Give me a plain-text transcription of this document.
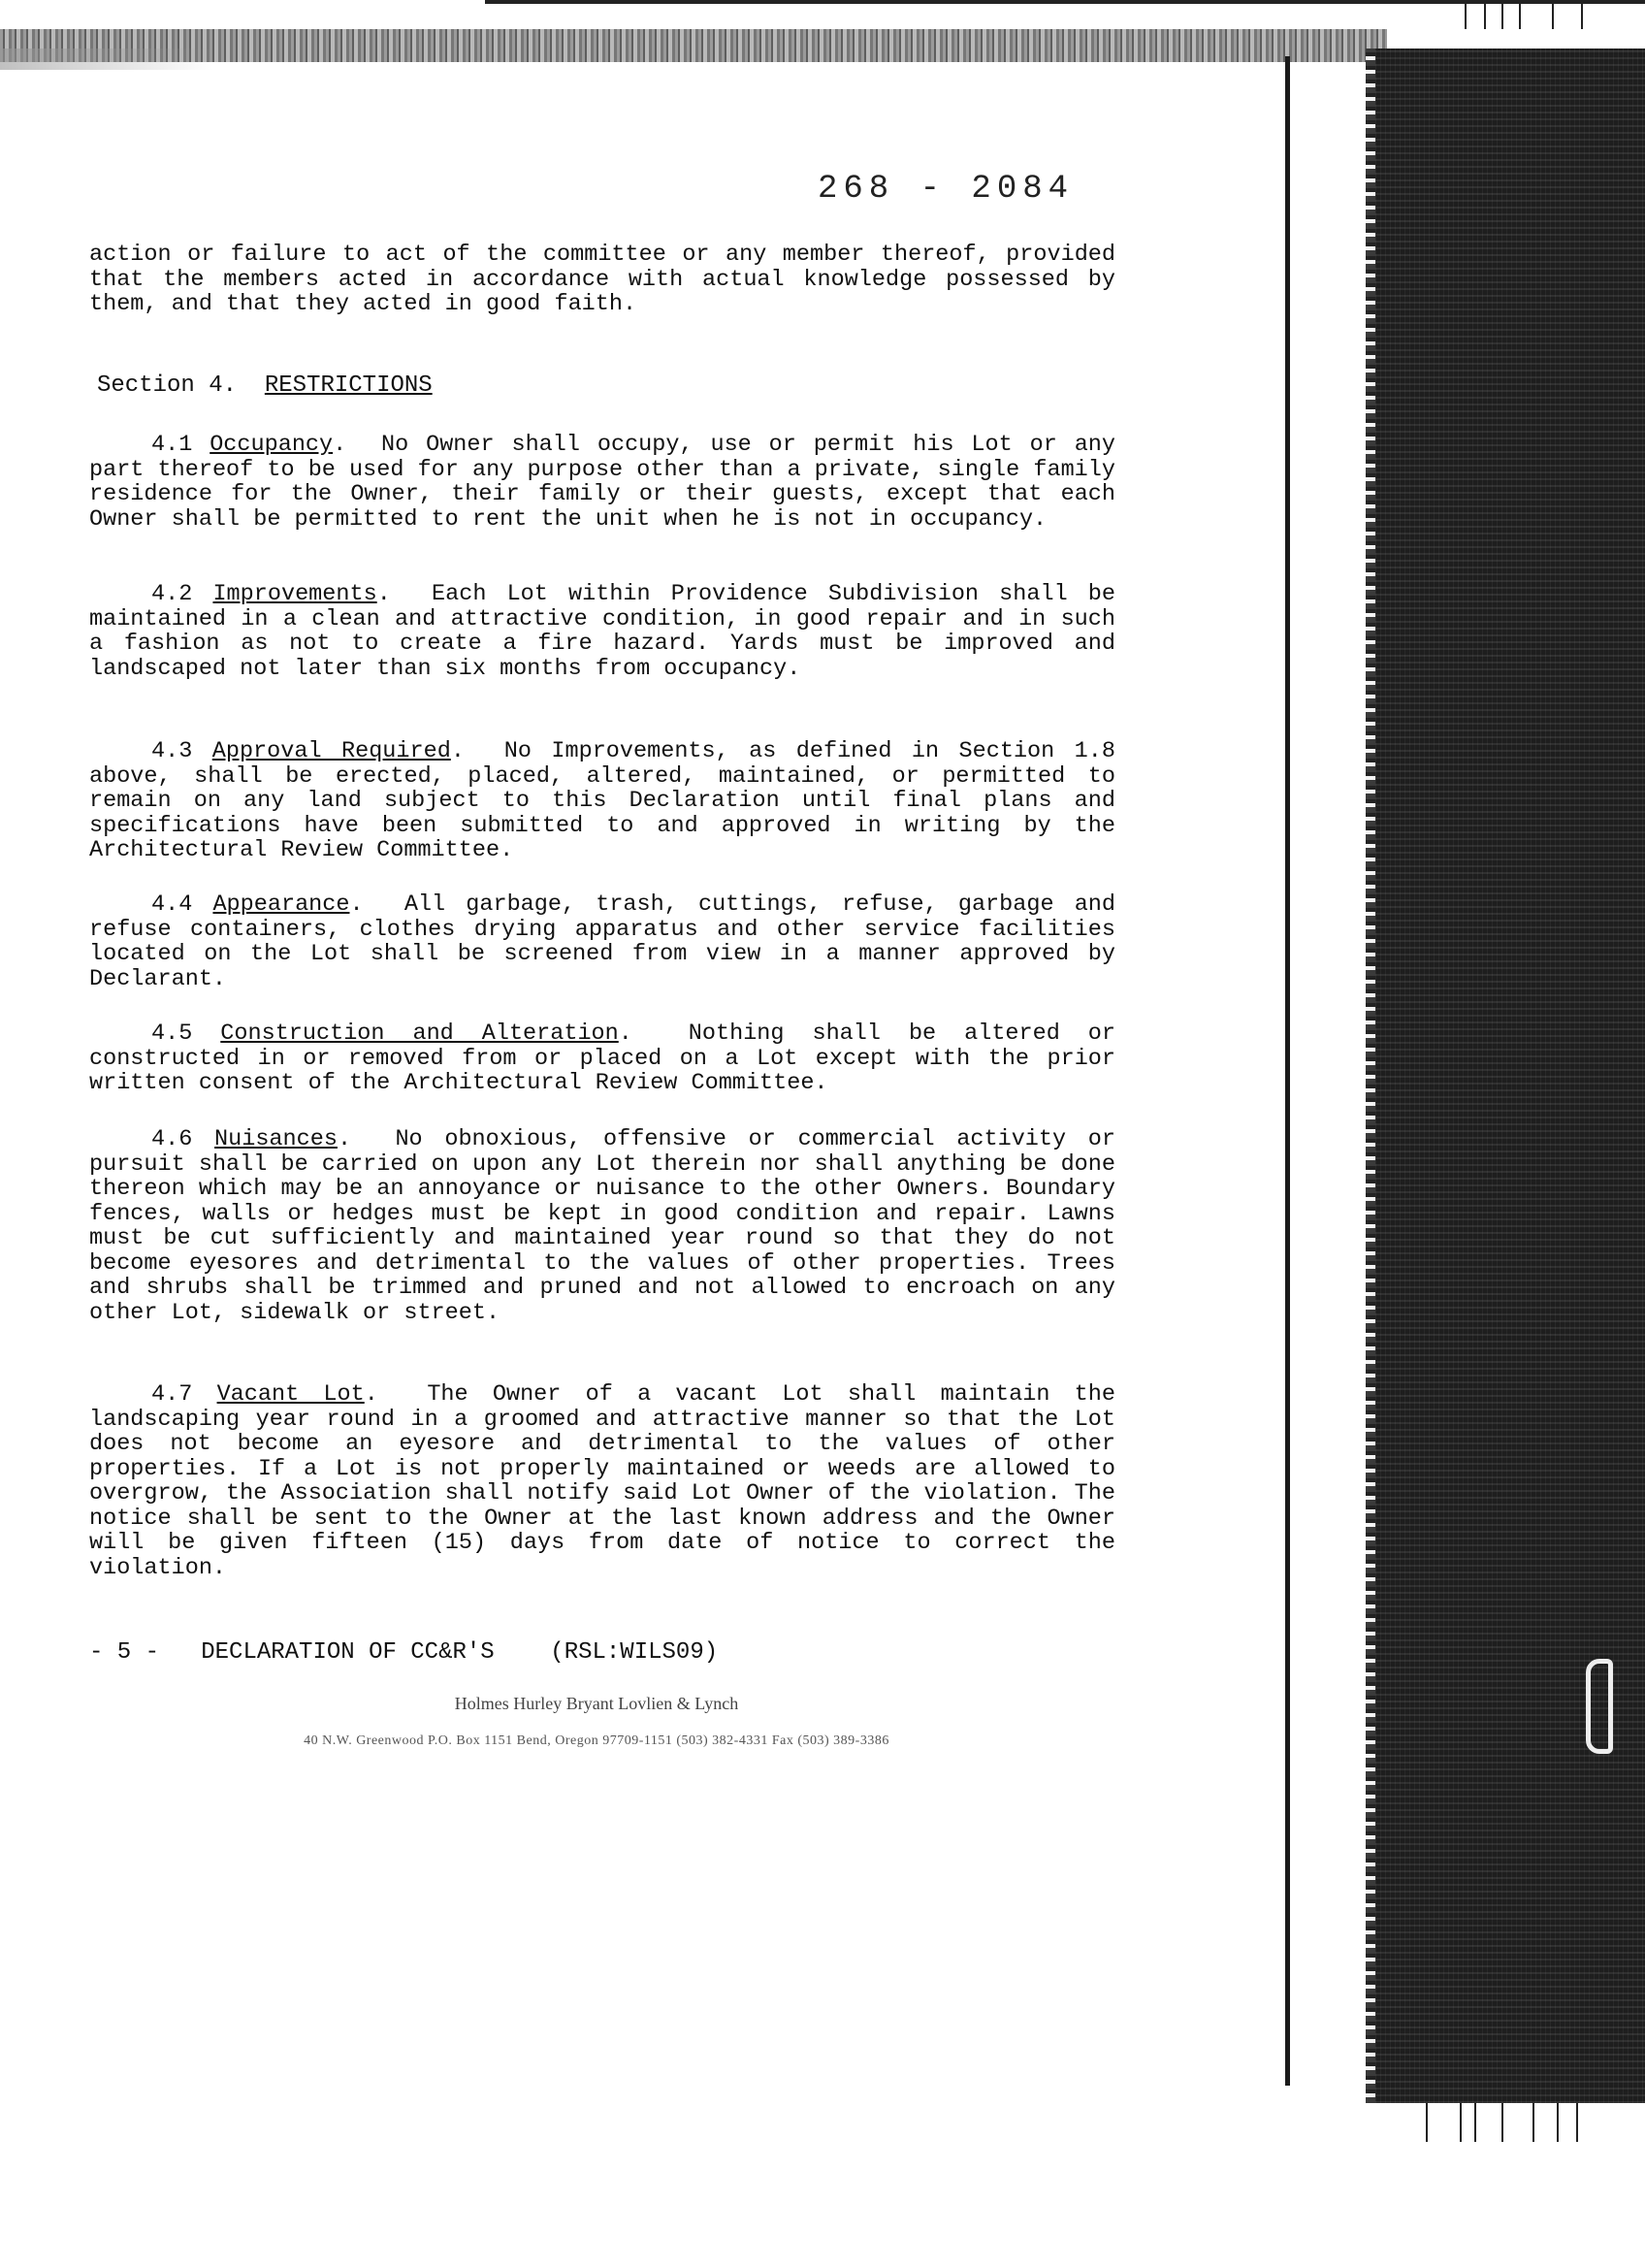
268 - 2084

action or failure to act of the committee or any member thereof, provided that the members acted in accordance with actual knowledge possessed by them, and that they acted in good faith.

Section 4. RESTRICTIONS

4.1 Occupancy.  No Owner shall occupy, use or permit his Lot or any part thereof to be used for any purpose other than a private, single family residence for the Owner, their family or their guests, except that each Owner shall be permitted to rent the unit when he is not in occupancy.

4.2 Improvements.  Each Lot within Providence Subdivision shall be maintained in a clean and attractive condition, in good repair and in such a fashion as not to create a fire hazard. Yards must be improved and landscaped not later than six months from occupancy.

4.3 Approval Required.  No Improvements, as defined in Section 1.8 above, shall be erected, placed, altered, maintained, or permitted to remain on any land subject to this Declaration until final plans and specifications have been submitted to and approved in writing by the Architectural Review Committee.

4.4 Appearance.  All garbage, trash, cuttings, refuse, garbage and refuse containers, clothes drying apparatus and other service facilities located on the Lot shall be screened from view in a manner approved by Declarant.

4.5 Construction and Alteration.  Nothing shall be altered or constructed in or removed from or placed on a Lot except with the prior written consent of the Architectural Review Committee.

4.6 Nuisances.  No obnoxious, offensive or commercial activity or pursuit shall be carried on upon any Lot therein nor shall anything be done thereon which may be an annoyance or nuisance to the other Owners. Boundary fences, walls or hedges must be kept in good condition and repair. Lawns must be cut sufficiently and maintained year round so that they do not become eyesores and detrimental to the values of other properties. Trees and shrubs shall be trimmed and pruned and not allowed to encroach on any other Lot, sidewalk or street.

4.7 Vacant Lot.  The Owner of a vacant Lot shall maintain the landscaping year round in a groomed and attractive manner so that the Lot does not become an eyesore and detrimental to the values of other properties. If a Lot is not properly maintained or weeds are allowed to overgrow, the Association shall notify said Lot Owner of the violation. The notice shall be sent to the Owner at the last known address and the Owner will be given fifteen (15) days from date of notice to correct the violation.

- 5 - DECLARATION OF CC&R'S (RSL:WILS09)
Holmes Hurley Bryant Lovlien & Lynch
40 N.W. Greenwood P.O. Box 1151 Bend, Oregon 97709-1151 (503) 382-4331 Fax (503) 389-3386
